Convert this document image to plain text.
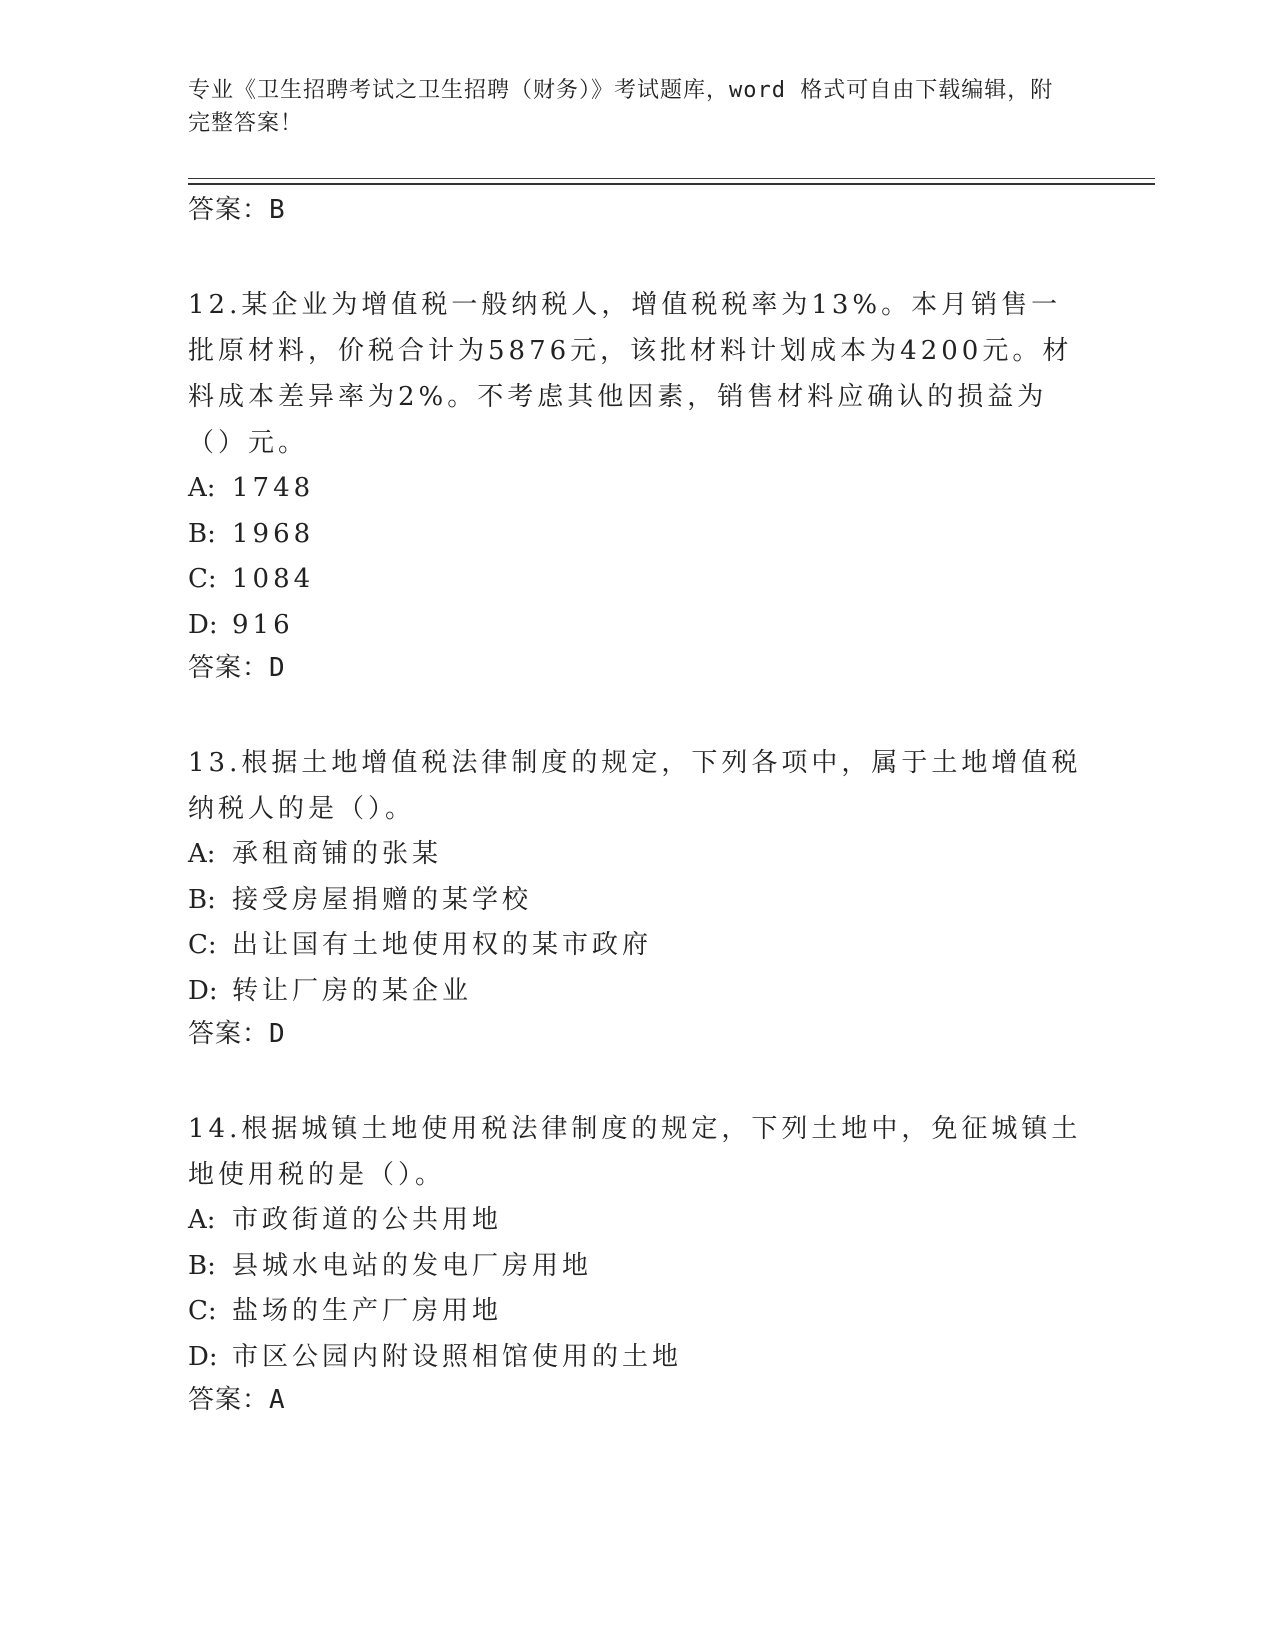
专业《卫生招聘考试之卫生招聘（财务）》考试题库，word 格式可自由下载编辑，附完整答案！

答案：B

12.某企业为增值税一般纳税人，增值税税率为13%。本月销售一批原材料，价税合计为5876元，该批材料计划成本为4200元。材料成本差异率为2%。不考虑其他因素，销售材料应确认的损益为（）元。

A: 1748

B: 1968

C: 1084

D: 916

答案：D

13.根据土地增值税法律制度的规定，下列各项中，属于土地增值税纳税人的是（）。

A: 承租商铺的张某

B: 接受房屋捐赠的某学校

C: 出让国有土地使用权的某市政府

D: 转让厂房的某企业

答案：D

14.根据城镇土地使用税法律制度的规定，下列土地中，免征城镇土地使用税的是（）。

A: 市政街道的公共用地

B: 县城水电站的发电厂房用地

C: 盐场的生产厂房用地

D: 市区公园内附设照相馆使用的土地

答案：A
